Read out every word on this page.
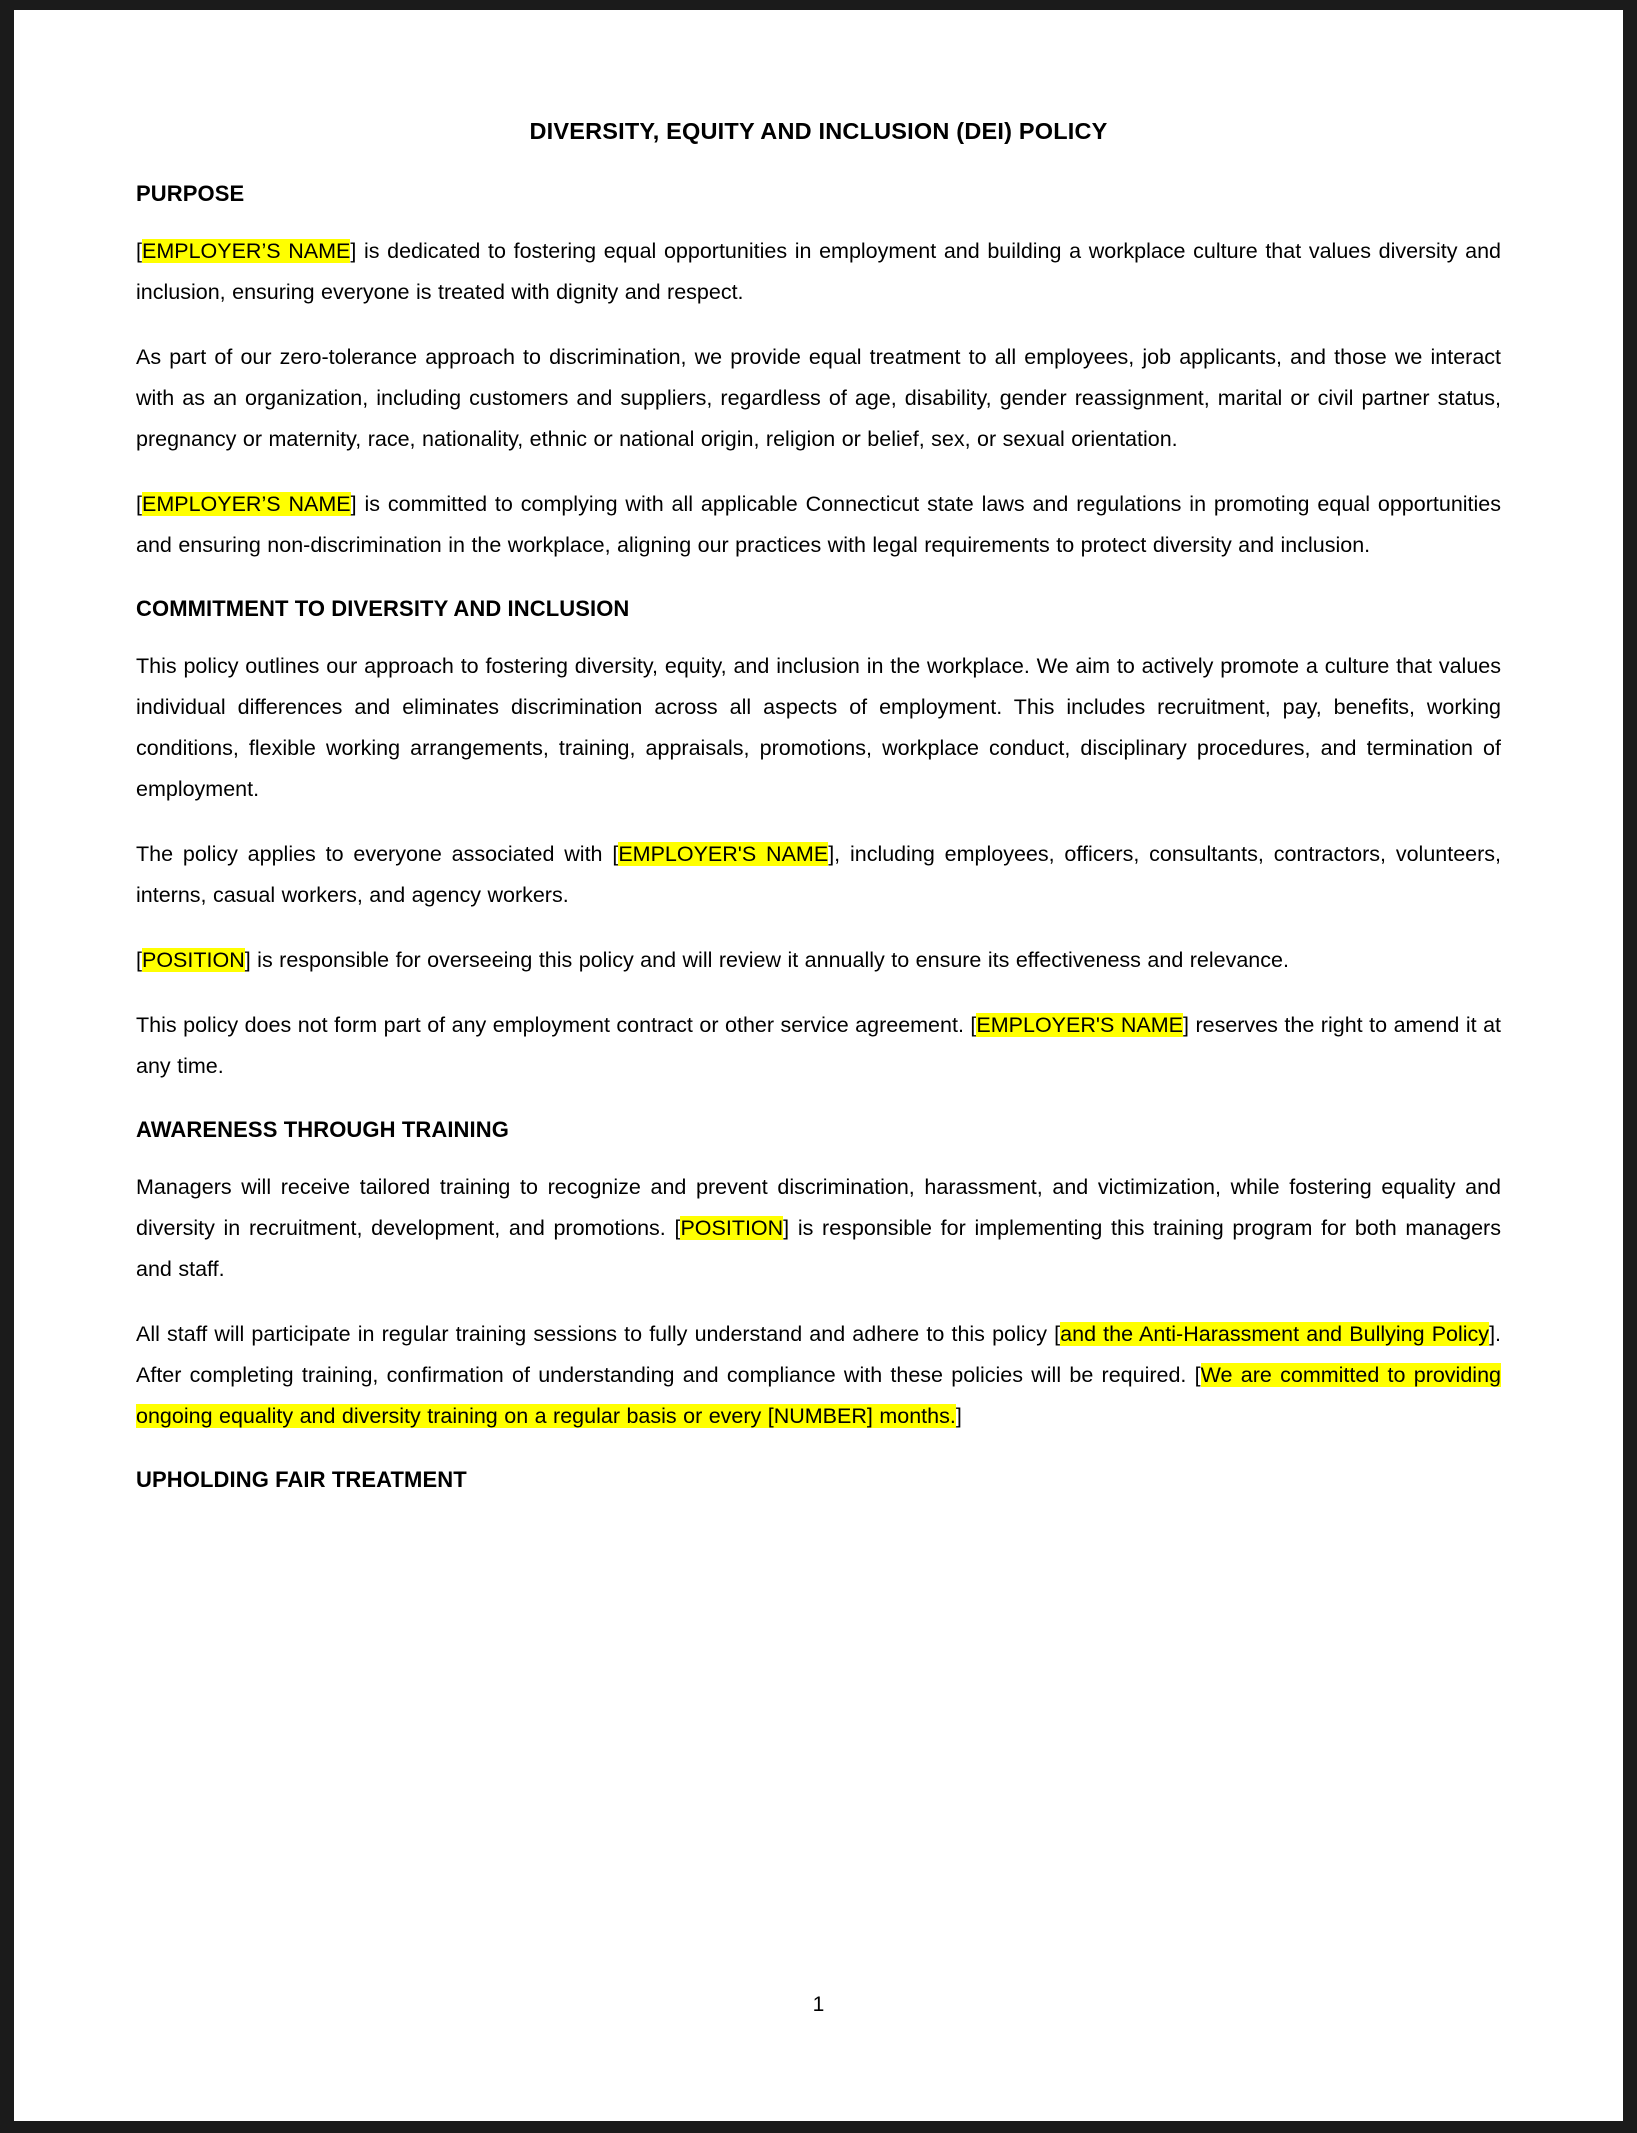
DIVERSITY, EQUITY AND INCLUSION (DEI) POLICY
PURPOSE

[EMPLOYER’S NAME] is dedicated to fostering equal opportunities in employment and building a workplace culture that values diversity and inclusion, ensuring everyone is treated with dignity and respect.

As part of our zero-tolerance approach to discrimination, we provide equal treatment to all employees, job applicants, and those we interact with as an organization, including customers and suppliers, regardless of age, disability, gender reassignment, marital or civil partner status, pregnancy or maternity, race, nationality, ethnic or national origin, religion or belief, sex, or sexual orientation.

[EMPLOYER’S NAME] is committed to complying with all applicable Connecticut state laws and regulations in promoting equal opportunities and ensuring non-discrimination in the workplace, aligning our practices with legal requirements to protect diversity and inclusion.

COMMITMENT TO DIVERSITY AND INCLUSION

This policy outlines our approach to fostering diversity, equity, and inclusion in the workplace. We aim to actively promote a culture that values individual differences and eliminates discrimination across all aspects of employment. This includes recruitment, pay, benefits, working conditions, flexible working arrangements, training, appraisals, promotions, workplace conduct, disciplinary procedures, and termination of employment.

The policy applies to everyone associated with [EMPLOYER'S NAME], including employees, officers, consultants, contractors, volunteers, interns, casual workers, and agency workers.

[POSITION] is responsible for overseeing this policy and will review it annually to ensure its effectiveness and relevance.

This policy does not form part of any employment contract or other service agreement. [EMPLOYER'S NAME] reserves the right to amend it at any time.

AWARENESS THROUGH TRAINING

Managers will receive tailored training to recognize and prevent discrimination, harassment, and victimization, while fostering equality and diversity in recruitment, development, and promotions. [POSITION] is responsible for implementing this training program for both managers and staff.

All staff will participate in regular training sessions to fully understand and adhere to this policy [and the Anti-Harassment and Bullying Policy]. After completing training, confirmation of understanding and compliance with these policies will be required. [We are committed to providing ongoing equality and diversity training on a regular basis or every [NUMBER] months.]

UPHOLDING FAIR TREATMENT
1
